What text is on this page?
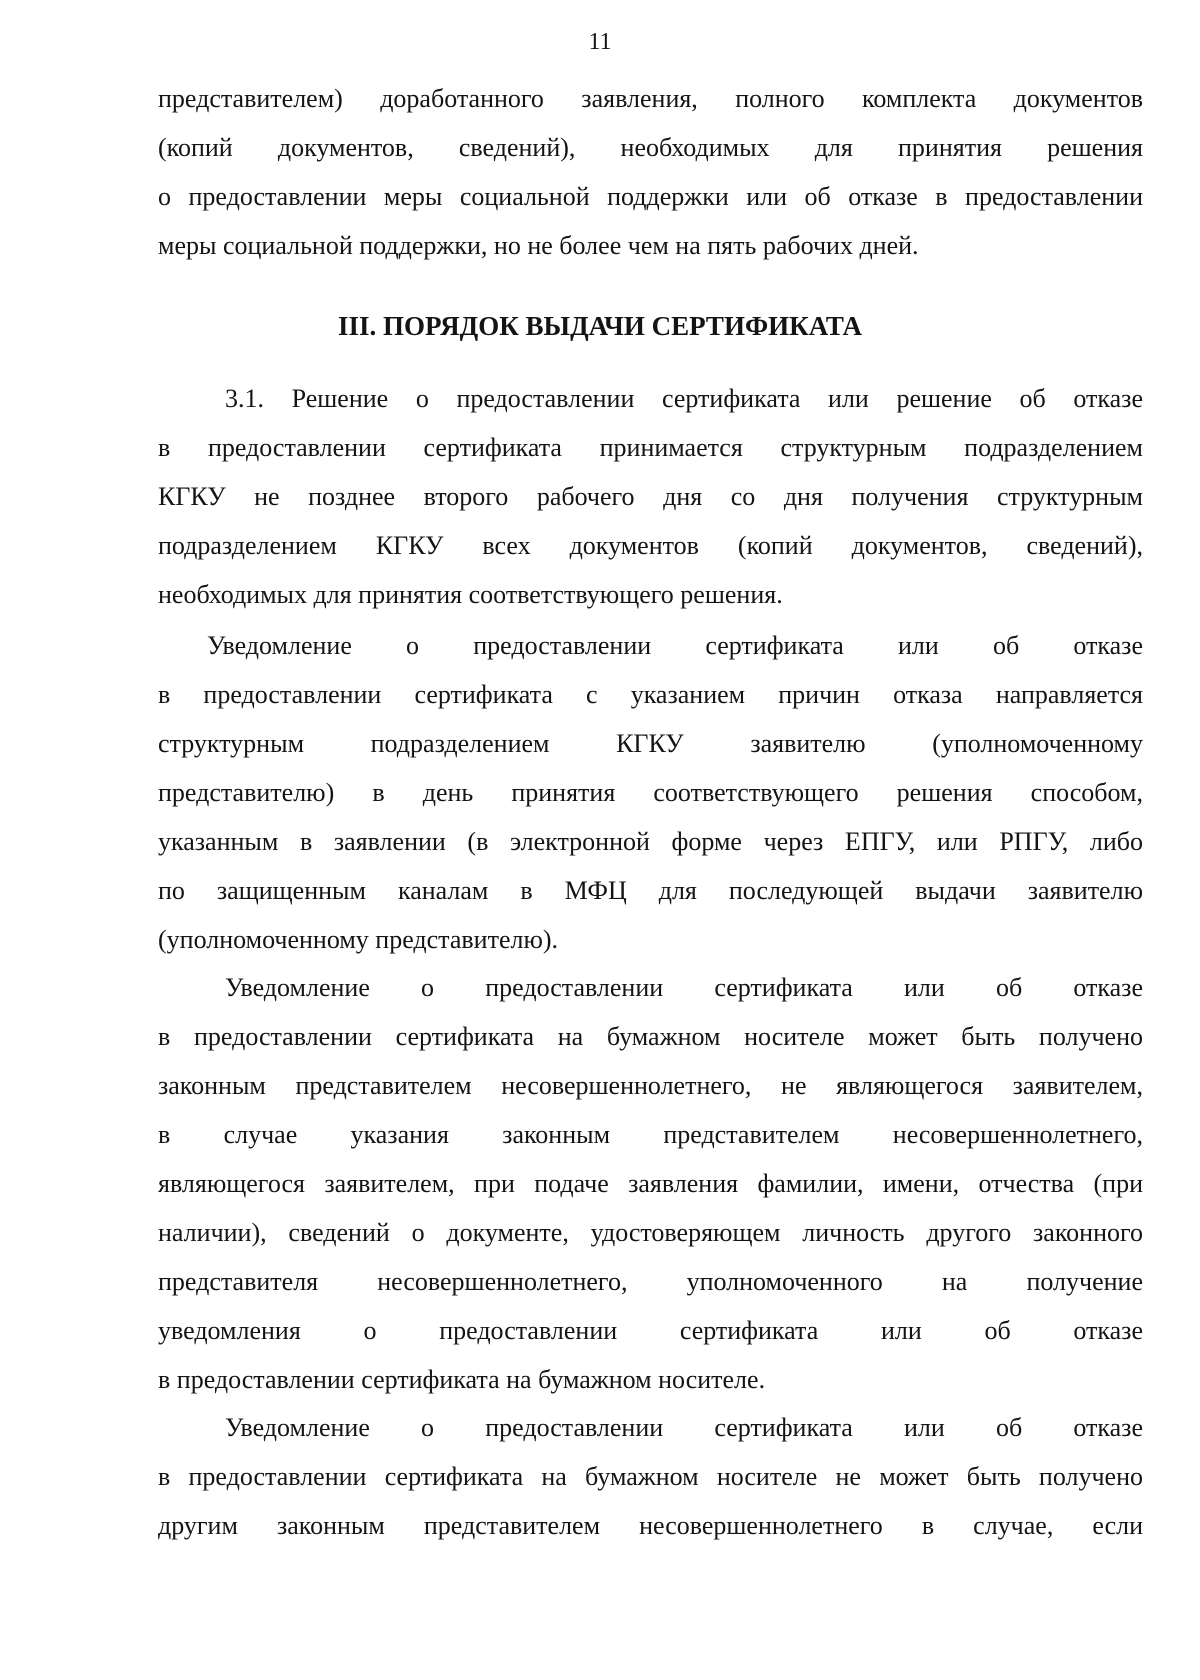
11
представителем) доработанного заявления, полного комплекта документов
(копий документов, сведений), необходимых для принятия решения
о предоставлении меры социальной поддержки или об отказе в предоставлении
меры социальной поддержки, но не более чем на пять рабочих дней.
III. ПОРЯДОК ВЫДАЧИ СЕРТИФИКАТА
3.1. Решение о предоставлении сертификата или решение об отказе
в предоставлении сертификата принимается структурным подразделением
КГКУ не позднее второго рабочего дня со дня получения структурным
подразделением КГКУ всех документов (копий документов, сведений),
необходимых для принятия соответствующего решения.
Уведомление о предоставлении сертификата или об отказе
в предоставлении сертификата с указанием причин отказа направляется
структурным подразделением КГКУ заявителю (уполномоченному
представителю) в день принятия соответствующего решения способом,
указанным в заявлении (в электронной форме через ЕПГУ, или РПГУ, либо
по защищенным каналам в МФЦ для последующей выдачи заявителю
(уполномоченному представителю).
Уведомление о предоставлении сертификата или об отказе
в предоставлении сертификата на бумажном носителе может быть получено
законным представителем несовершеннолетнего, не являющегося заявителем,
в случае указания законным представителем несовершеннолетнего,
являющегося заявителем, при подаче заявления фамилии, имени, отчества (при
наличии), сведений о документе, удостоверяющем личность другого законного
представителя несовершеннолетнего, уполномоченного на получение
уведомления о предоставлении сертификата или об отказе
в предоставлении сертификата на бумажном носителе.
Уведомление о предоставлении сертификата или об отказе
в предоставлении сертификата на бумажном носителе не может быть получено
другим законным представителем несовершеннолетнего в случае, если
